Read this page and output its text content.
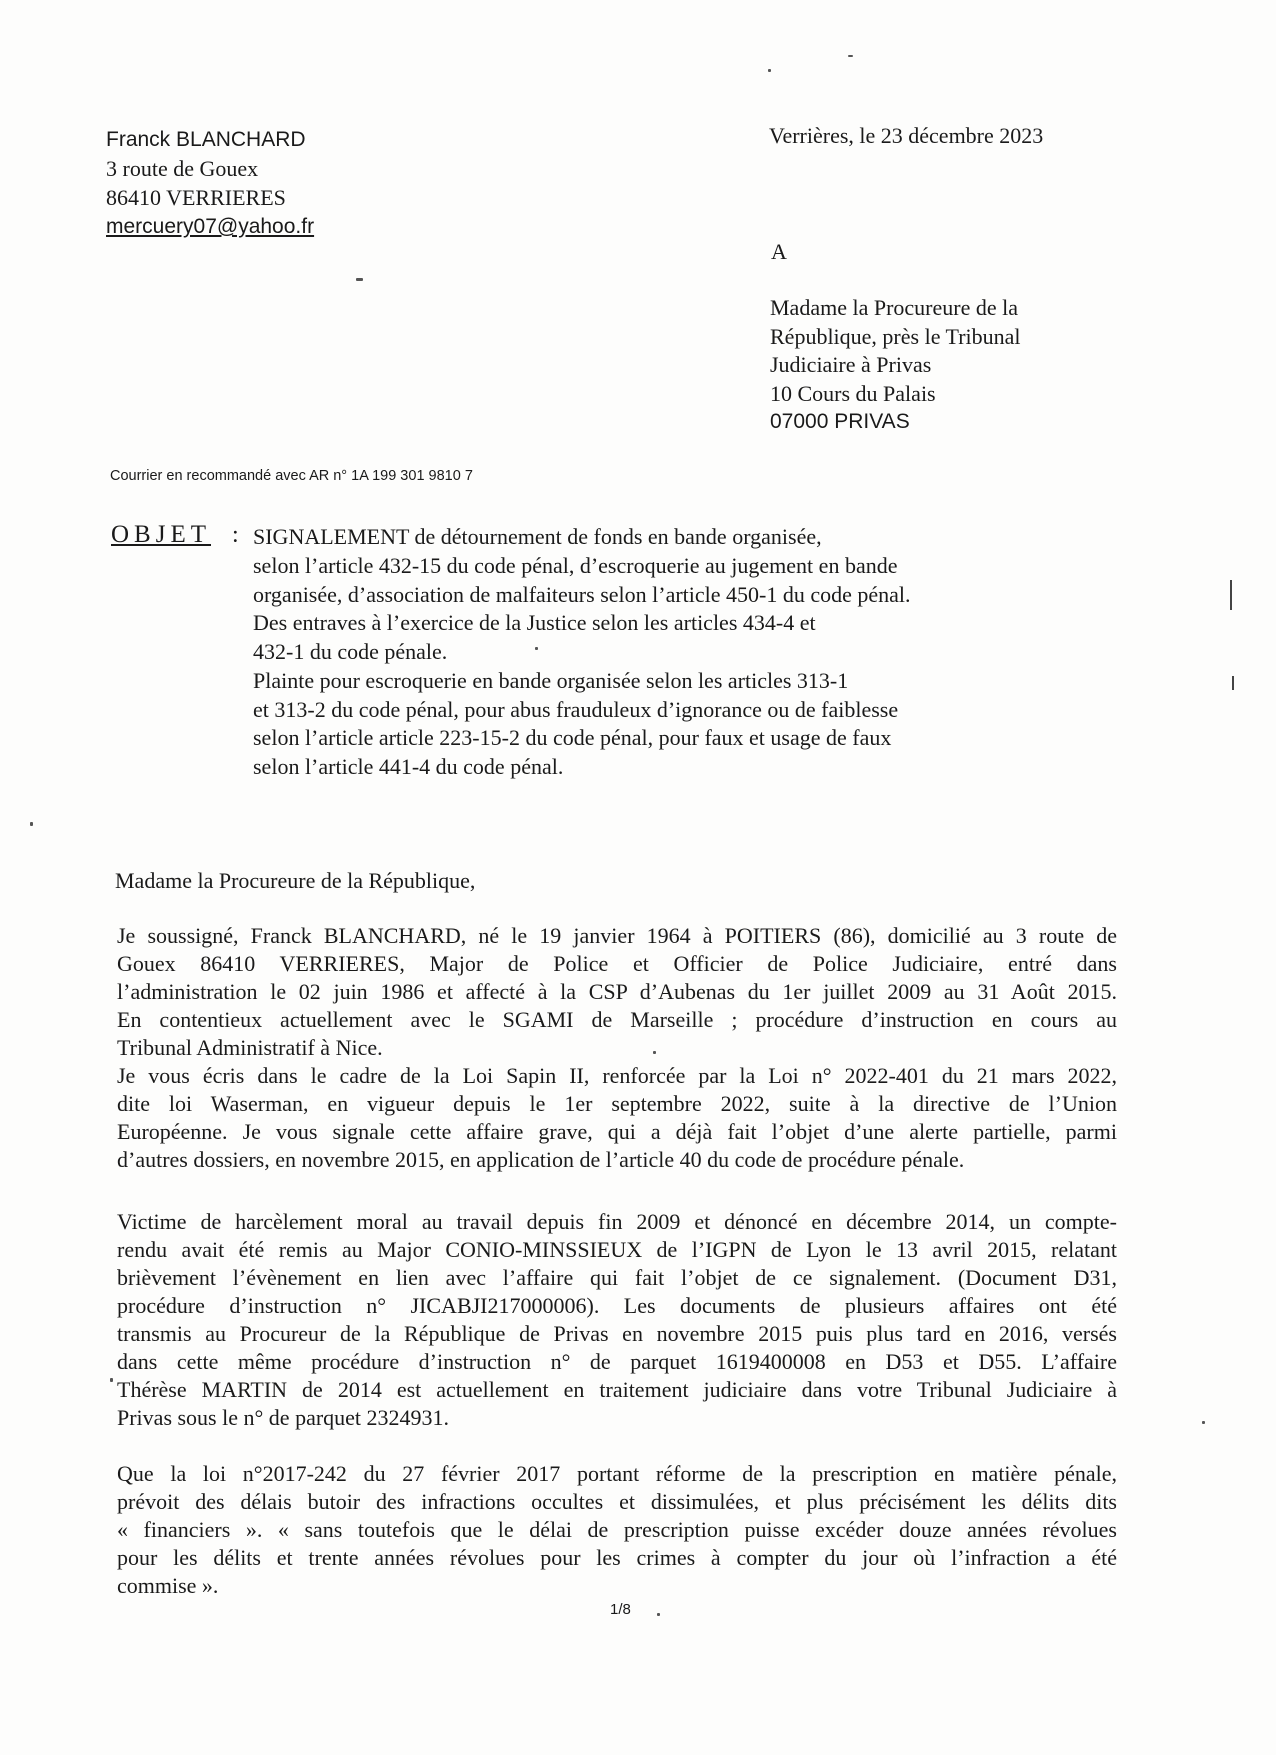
Franck BLANCHARD
3 route de Gouex
86410 VERRIERES
mercuery07@yahoo.fr
Verrières, le 23 décembre 2023
A
Madame la Procureure de la
République, près le Tribunal
Judiciaire à Privas
10 Cours du Palais
07000 PRIVAS
Courrier en recommandé avec AR n° 1A 199 301 9810 7
OBJET : SIGNALEMENT de détournement de fonds en bande organisée,
selon l’article 432-15 du code pénal, d’escroquerie au jugement en bande
organisée, d’association de malfaiteurs selon l’article 450-1 du code pénal.
Des entraves à l’exercice de la Justice selon les articles 434-4 et
432-1 du code pénale.
Plainte pour escroquerie en bande organisée selon les articles 313-1
et 313-2 du code pénal, pour abus frauduleux d’ignorance ou de faiblesse
selon l’article article 223-15-2 du code pénal, pour faux et usage de faux
selon l’article 441-4 du code pénal.
Madame la Procureure de la République,
Je soussigné, Franck BLANCHARD, né le 19 janvier 1964 à POITIERS (86), domicilié au 3 route de
Gouex 86410 VERRIERES, Major de Police et Officier de Police Judiciaire, entré dans
l’administration le 02 juin 1986 et affecté à la CSP d’Aubenas du 1er juillet 2009 au 31 Août 2015.
En contentieux actuellement avec le SGAMI de Marseille ; procédure d’instruction en cours au
Tribunal Administratif à Nice.
Je vous écris dans le cadre de la Loi Sapin II, renforcée par la Loi n° 2022-401 du 21 mars 2022,
dite loi Waserman, en vigueur depuis le 1er septembre 2022, suite à la directive de l’Union
Européenne. Je vous signale cette affaire grave, qui a déjà fait l’objet d’une alerte partielle, parmi
d’autres dossiers, en novembre 2015, en application de l’article 40 du code de procédure pénale.
Victime de harcèlement moral au travail depuis fin 2009 et dénoncé en décembre 2014, un compte-
rendu avait été remis au Major CONIO-MINSSIEUX de l’IGPN de Lyon le 13 avril 2015, relatant
brièvement l’évènement en lien avec l’affaire qui fait l’objet de ce signalement. (Document D31,
procédure d’instruction n° JICABJI217000006). Les documents de plusieurs affaires ont été
transmis au Procureur de la République de Privas en novembre 2015 puis plus tard en 2016, versés
dans cette même procédure d’instruction n° de parquet 1619400008 en D53 et D55. L’affaire
Thérèse MARTIN de 2014 est actuellement en traitement judiciaire dans votre Tribunal Judiciaire à
Privas sous le n° de parquet 2324931.
Que la loi n°2017-242 du 27 février 2017 portant réforme de la prescription en matière pénale,
prévoit des délais butoir des infractions occultes et dissimulées, et plus précisément les délits dits
« financiers ». « sans toutefois que le délai de prescription puisse excéder douze années révolues
pour les délits et trente années révolues pour les crimes à compter du jour où l’infraction a été
commise ».
1/8
